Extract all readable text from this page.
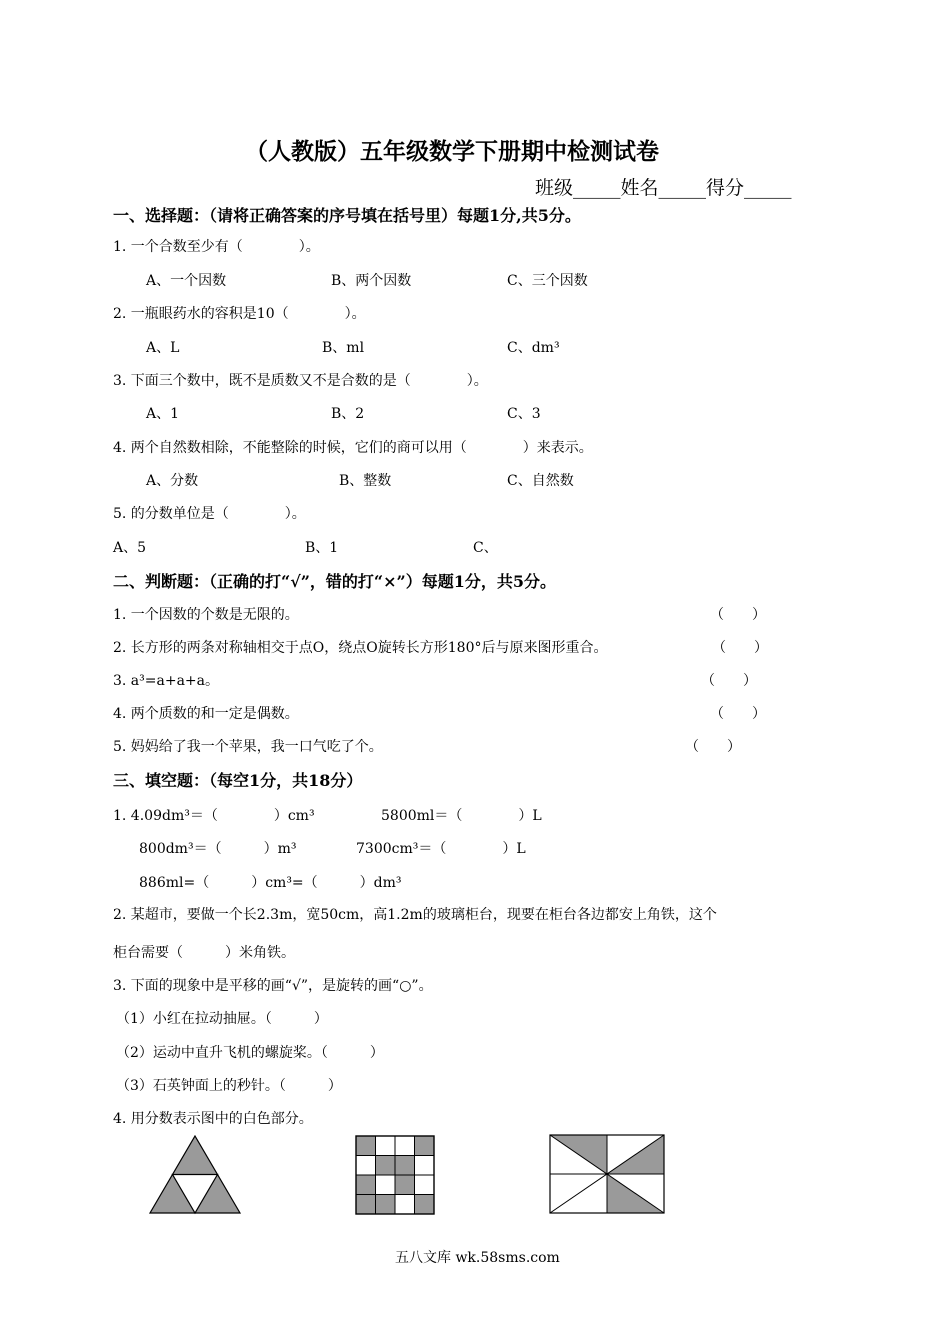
（人教版）五年级数学下册期中检测试卷
班级_____姓名_____得分_____
一、选择题：（请将正确答案的序号填在括号里）每题1分,共5分。
1. 一个合数至少有（　　　　）。
A、一个因数	B、两个因数	C、三个因数
2. 一瓶眼药水的容积是10（　　　　）。
A、L	B、ml	C、dm³
3. 下面三个数中，既不是质数又不是合数的是（　　　　）。
A、1	B、2	C、3
4. 两个自然数相除，不能整除的时候，它们的商可以用（　　　　）来表示。
A、分数	B、整数	C、自然数
5. 的分数单位是（　　　　）。
A、5	B、1	C、
二、判断题：（正确的打“√”，错的打“×”）每题1分，共5分。
1. 一个因数的个数是无限的。	（　　）
2. 长方形的两条对称轴相交于点O，绕点O旋转长方形180°后与原来图形重合。	（　　）
3. a³=a+a+a。	（　　）
4. 两个质数的和一定是偶数。	（　　）
5. 妈妈给了我一个苹果，我一口气吃了个。	（　　）
三、填空题：（每空1分，共18分）
1. 4.09dm³＝（　　　　）cm³	5800ml＝（　　　　）L
800dm³＝（　　　）m³	7300cm³＝（　　　　）L
886ml=（　　　）cm³=（　　　）dm³
2. 某超市，要做一个长2.3m，宽50cm，高1.2m的玻璃柜台，现要在柜台各边都安上角铁，这个
柜台需要（　　　）米角铁。
3. 下面的现象中是平移的画“√”，是旋转的画“○”。
（1）小红在拉动抽屉。（　　　）
（2）运动中直升飞机的螺旋桨。（　　　）
（3）石英钟面上的秒针。（　　　）
4. 用分数表示图中的白色部分。
五八文库 wk.58sms.com
